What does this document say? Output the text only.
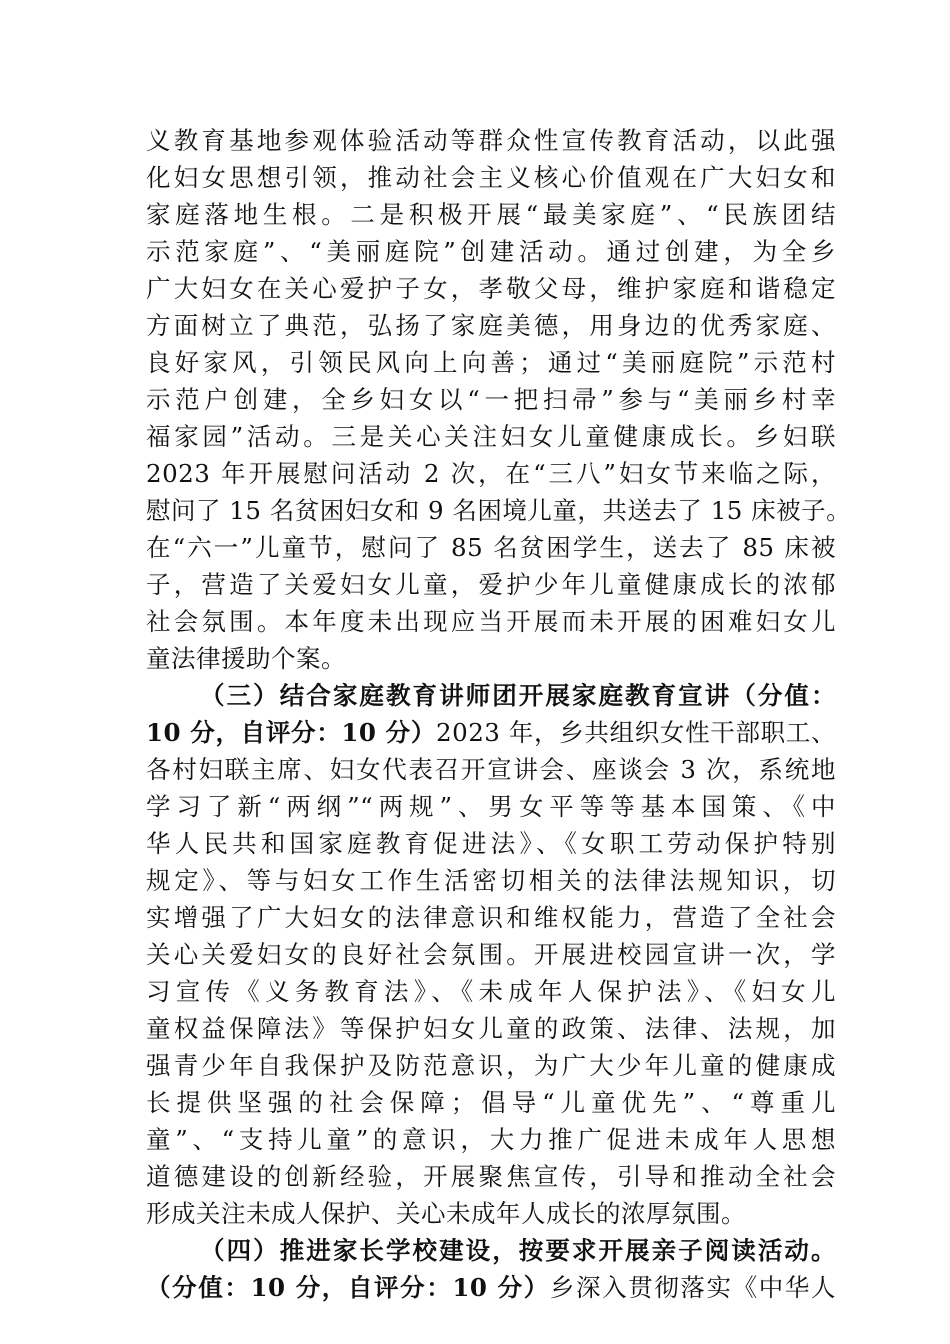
义教育基地参观体验活动等群众性宣传教育活动，以此强
化妇女思想引领，推动社会主义核心价值观在广大妇女和
家庭落地生根。二是积极开展“最美家庭”、“民族团结
示范家庭”、“美丽庭院”创建活动。通过创建，为全乡
广大妇女在关心爱护子女，孝敬父母，维护家庭和谐稳定
方面树立了典范，弘扬了家庭美德，用身边的优秀家庭、
良好家风，引领民风向上向善；通过“美丽庭院”示范村
示范户创建，全乡妇女以“一把扫帚”参与“美丽乡村幸
福家园”活动。三是关心关注妇女儿童健康成长。乡妇联
2023 年开展慰问活动 2 次，在“三八”妇女节来临之际，
慰问了 15 名贫困妇女和 9 名困境儿童，共送去了 15 床被子。
在“六一”儿童节，慰问了 85 名贫困学生，送去了 85 床被
子，营造了关爱妇女儿童，爱护少年儿童健康成长的浓郁
社会氛围。本年度未出现应当开展而未开展的困难妇女儿
童法律援助个案。
（三）结合家庭教育讲师团开展家庭教育宣讲（分值：
10 分，自评分：10 分）2023 年，乡共组织女性干部职工、
各村妇联主席、妇女代表召开宣讲会、座谈会 3 次，系统地
学习了新“两纲”“两规”、男女平等等基本国策、《中
华人民共和国家庭教育促进法》、《女职工劳动保护特别
规定》、等与妇女工作生活密切相关的法律法规知识，切
实增强了广大妇女的法律意识和维权能力，营造了全社会
关心关爱妇女的良好社会氛围。开展进校园宣讲一次，学
习宣传《义务教育法》、《未成年人保护法》、《妇女儿
童权益保障法》等保护妇女儿童的政策、法律、法规，加
强青少年自我保护及防范意识，为广大少年儿童的健康成
长提供坚强的社会保障；倡导“儿童优先”、“尊重儿
童”、“支持儿童”的意识，大力推广促进未成年人思想
道德建设的创新经验，开展聚焦宣传，引导和推动全社会
形成关注未成人保护、关心未成年人成长的浓厚氛围。
（四）推进家长学校建设，按要求开展亲子阅读活动。
（分值：10 分，自评分：10 分）乡深入贯彻落实《中华人
